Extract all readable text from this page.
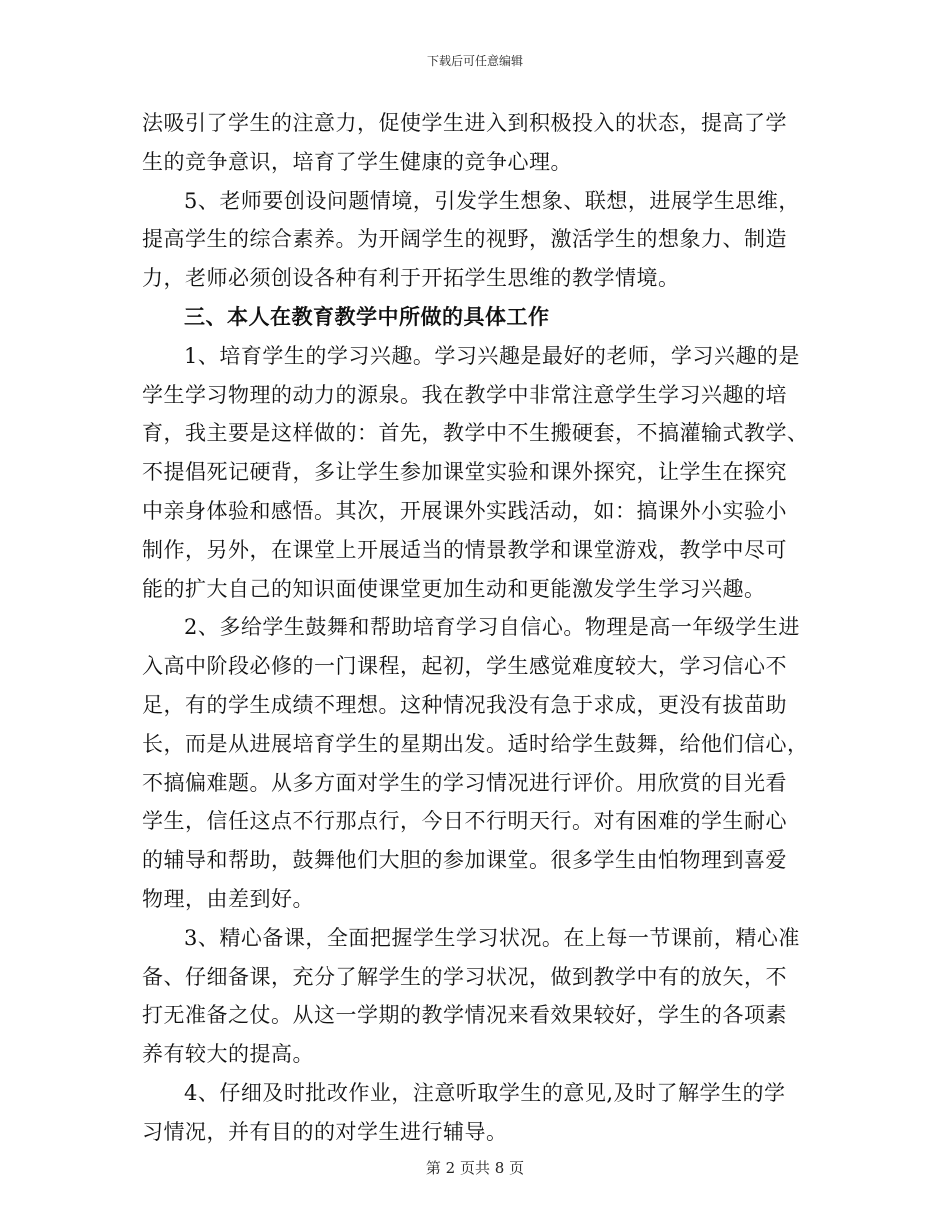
下载后可任意编辑

法吸引了学生的注意力，促使学生进入到积极投入的状态，提高了学
生的竞争意识，培育了学生健康的竞争心理。

5、老师要创设问题情境，引发学生想象、联想，进展学生思维，
提高学生的综合素养。为开阔学生的视野，激活学生的想象力、制造
力，老师必须创设各种有利于开拓学生思维的教学情境。

三、本人在教育教学中所做的具体工作

1、培育学生的学习兴趣。学习兴趣是最好的老师，学习兴趣的是
学生学习物理的动力的源泉。我在教学中非常注意学生学习兴趣的培
育，我主要是这样做的：首先，教学中不生搬硬套，不搞灌输式教学、
不提倡死记硬背，多让学生参加课堂实验和课外探究，让学生在探究
中亲身体验和感悟。其次，开展课外实践活动，如：搞课外小实验小
制作，另外，在课堂上开展适当的情景教学和课堂游戏，教学中尽可
能的扩大自己的知识面使课堂更加生动和更能激发学生学习兴趣。

2、多给学生鼓舞和帮助培育学习自信心。物理是高一年级学生进
入高中阶段必修的一门课程，起初，学生感觉难度较大，学习信心不
足，有的学生成绩不理想。这种情况我没有急于求成，更没有拔苗助
长，而是从进展培育学生的星期出发。适时给学生鼓舞，给他们信心，
不搞偏难题。从多方面对学生的学习情况进行评价。用欣赏的目光看
学生，信任这点不行那点行，今日不行明天行。对有困难的学生耐心
的辅导和帮助，鼓舞他们大胆的参加课堂。很多学生由怕物理到喜爱
物理，由差到好。

3、精心备课，全面把握学生学习状况。在上每一节课前，精心准
备、仔细备课，充分了解学生的学习状况，做到教学中有的放矢，不
打无准备之仗。从这一学期的教学情况来看效果较好，学生的各项素
养有较大的提高。

4、仔细及时批改作业，注意听取学生的意见,及时了解学生的学
习情况，并有目的的对学生进行辅导。

第 2 页共 8 页
